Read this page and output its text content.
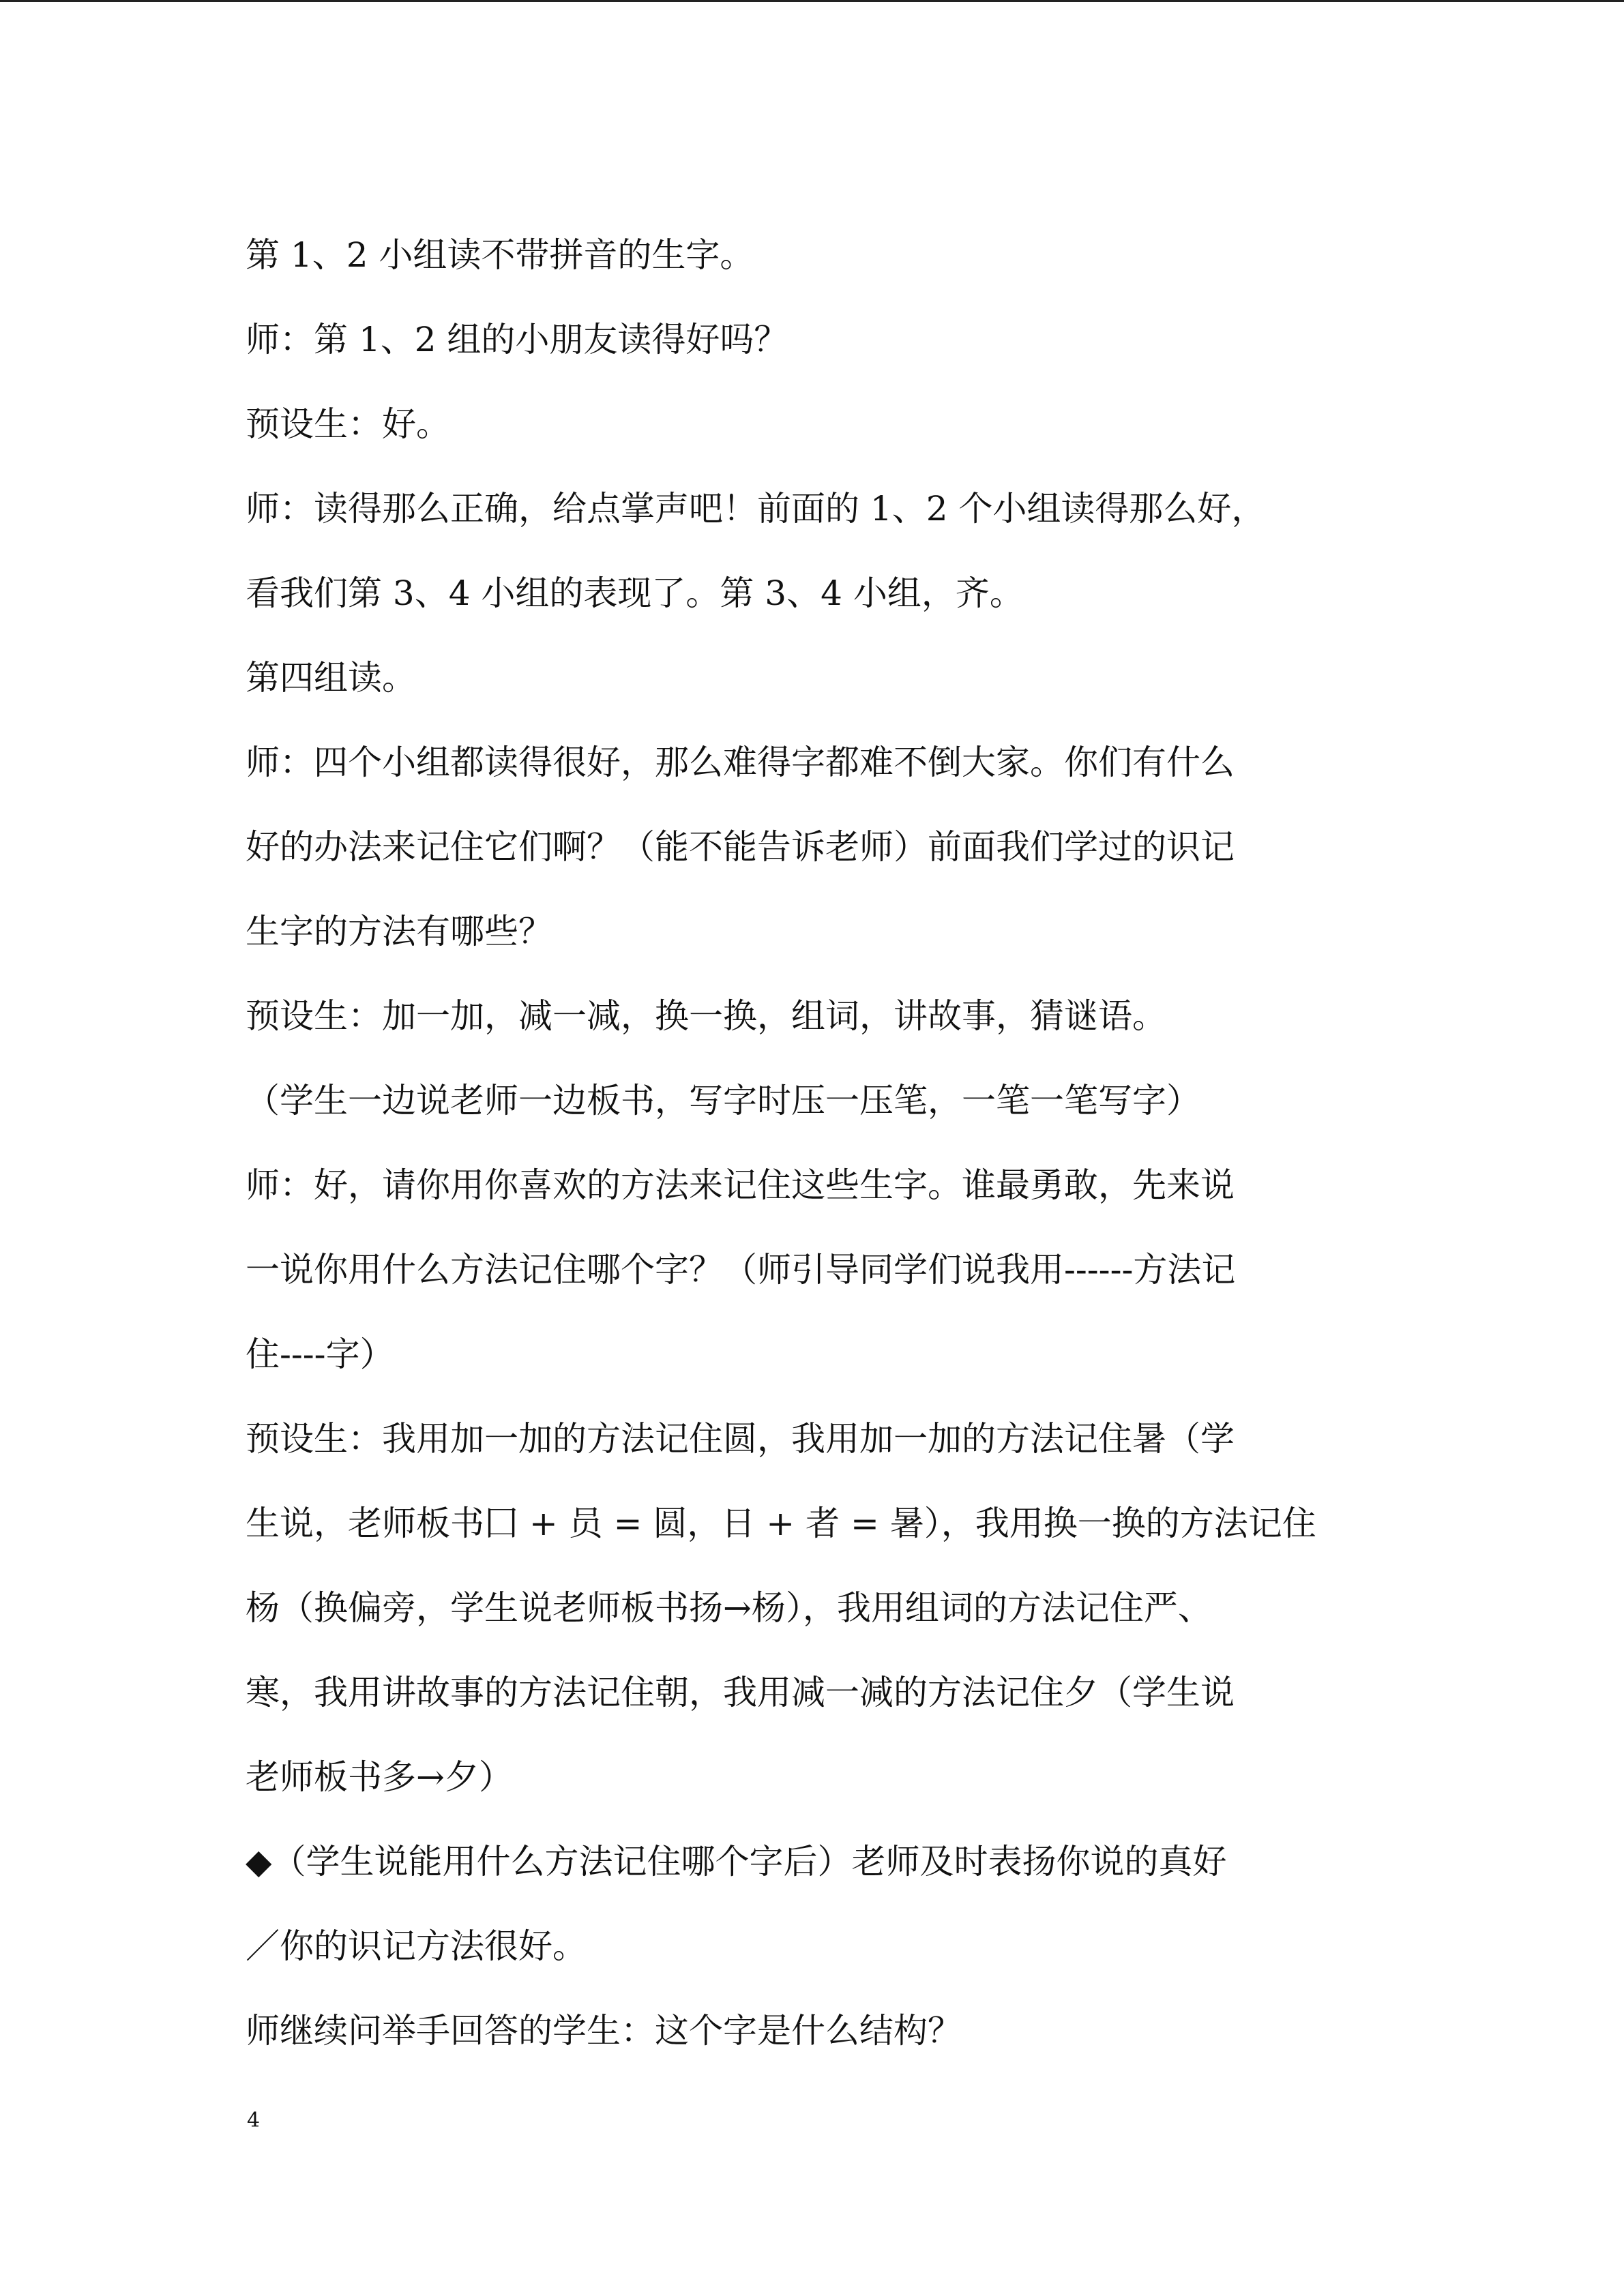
第 1、2 小组读不带拼音的生字。
师：第 1、2 组的小朋友读得好吗？
预设生：好。
师：读得那么正确，给点掌声吧！前面的 1、2 个小组读得那么好，
看我们第 3、4 小组的表现了。第 3、4 小组，齐。
第四组读。
师：四个小组都读得很好，那么难得字都难不倒大家。你们有什么
好的办法来记住它们啊？（能不能告诉老师）前面我们学过的识记
生字的方法有哪些？
预设生：加一加，减一减，换一换，组词，讲故事，猜谜语。
（学生一边说老师一边板书，写字时压一压笔，一笔一笔写字）
师：好，请你用你喜欢的方法来记住这些生字。谁最勇敢，先来说
一说你用什么方法记住哪个字？（师引导同学们说我用------方法记
住----字）
预设生：我用加一加的方法记住圆，我用加一加的方法记住暑（学
生说，老师板书囗 + 员 = 圆，日 + 者 = 暑），我用换一换的方法记住
杨（换偏旁，学生说老师板书扬→杨），我用组词的方法记住严、
寒，我用讲故事的方法记住朝，我用减一减的方法记住夕（学生说
老师板书多→夕）
◆（学生说能用什么方法记住哪个字后）老师及时表扬你说的真好
／你的识记方法很好。
师继续问举手回答的学生：这个字是什么结构？
4
